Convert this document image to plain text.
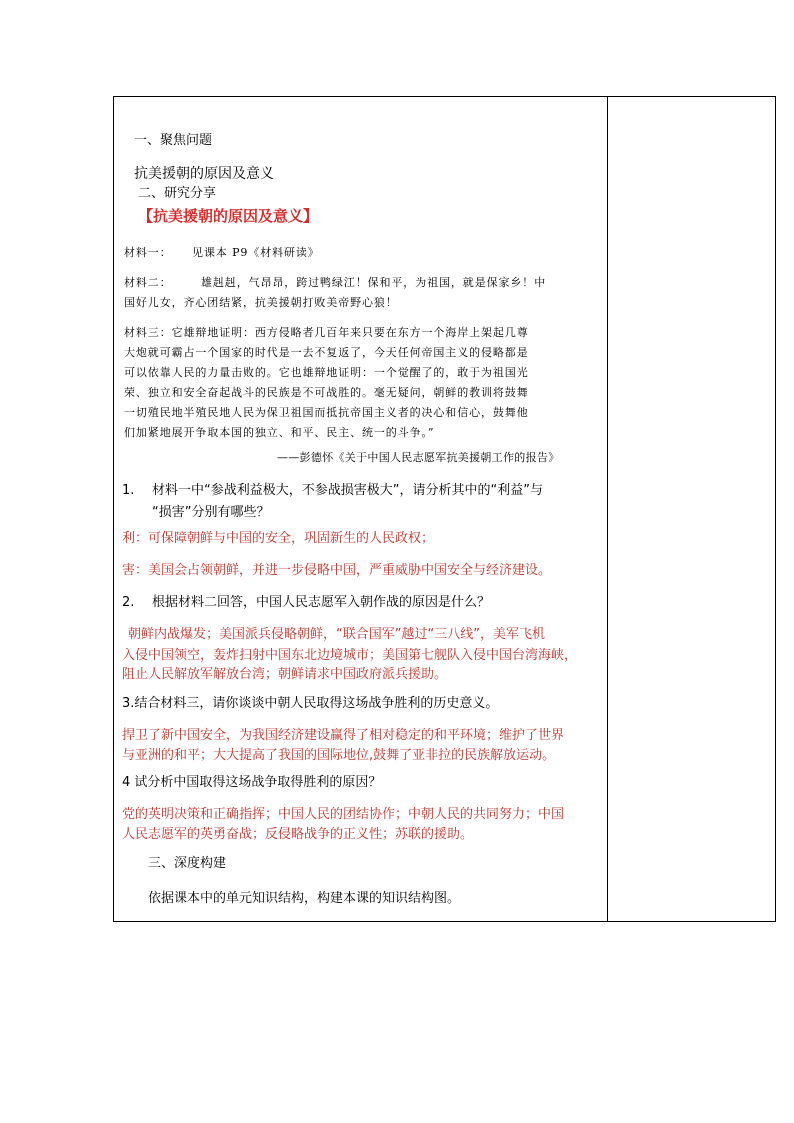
一、聚焦问题
抗美援朝的原因及意义
二、研究分享
【抗美援朝的原因及意义】
材料一： 见课本 P9《材料研读》
材料二：	雄赳赳，气昂昂，跨过鸭绿江！保和平，为祖国，就是保家乡！中
国好儿女，齐心团结紧，抗美援朝打败美帝野心狼！
材料三：它雄辩地证明：西方侵略者几百年来只要在东方一个海岸上架起几尊
大炮就可霸占一个国家的时代是一去不复返了，今天任何帝国主义的侵略都是
可以依靠人民的力量击败的。它也雄辩地证明：一个觉醒了的，敢于为祖国光
荣、独立和安全奋起战斗的民族是不可战胜的。毫无疑问，朝鲜的教训将鼓舞
一切殖民地半殖民地人民为保卫祖国而抵抗帝国主义者的决心和信心，鼓舞他
们加紧地展开争取本国的独立、和平、民主、统一的斗争。”
——彭德怀《关于中国人民志愿军抗美援朝工作的报告》
1. 材料一中“参战利益极大，不参战损害极大”，请分析其中的“利益”与
“损害”分别有哪些？
利：可保障朝鲜与中国的安全，巩固新生的人民政权；
害：美国会占领朝鲜，并进一步侵略中国，严重威胁中国安全与经济建设。
2. 根据材料二回答，中国人民志愿军入朝作战的原因是什么？
朝鲜内战爆发；美国派兵侵略朝鲜，“联合国军”越过“三八线”，美军飞机
入侵中国领空，轰炸扫射中国东北边境城市；美国第七舰队入侵中国台湾海峡，
阻止人民解放军解放台湾；朝鲜请求中国政府派兵援助。
3.结合材料三，请你谈谈中朝人民取得这场战争胜利的历史意义。
捍卫了新中国安全，为我国经济建设赢得了相对稳定的和平环境；维护了世界
与亚洲的和平；大大提高了我国的国际地位,鼓舞了亚非拉的民族解放运动。
4 试分析中国取得这场战争取得胜利的原因？
党的英明决策和正确指挥；中国人民的团结协作；中朝人民的共同努力；中国
人民志愿军的英勇奋战；反侵略战争的正义性；苏联的援助。
三、深度构建
依据课本中的单元知识结构，构建本课的知识结构图。
